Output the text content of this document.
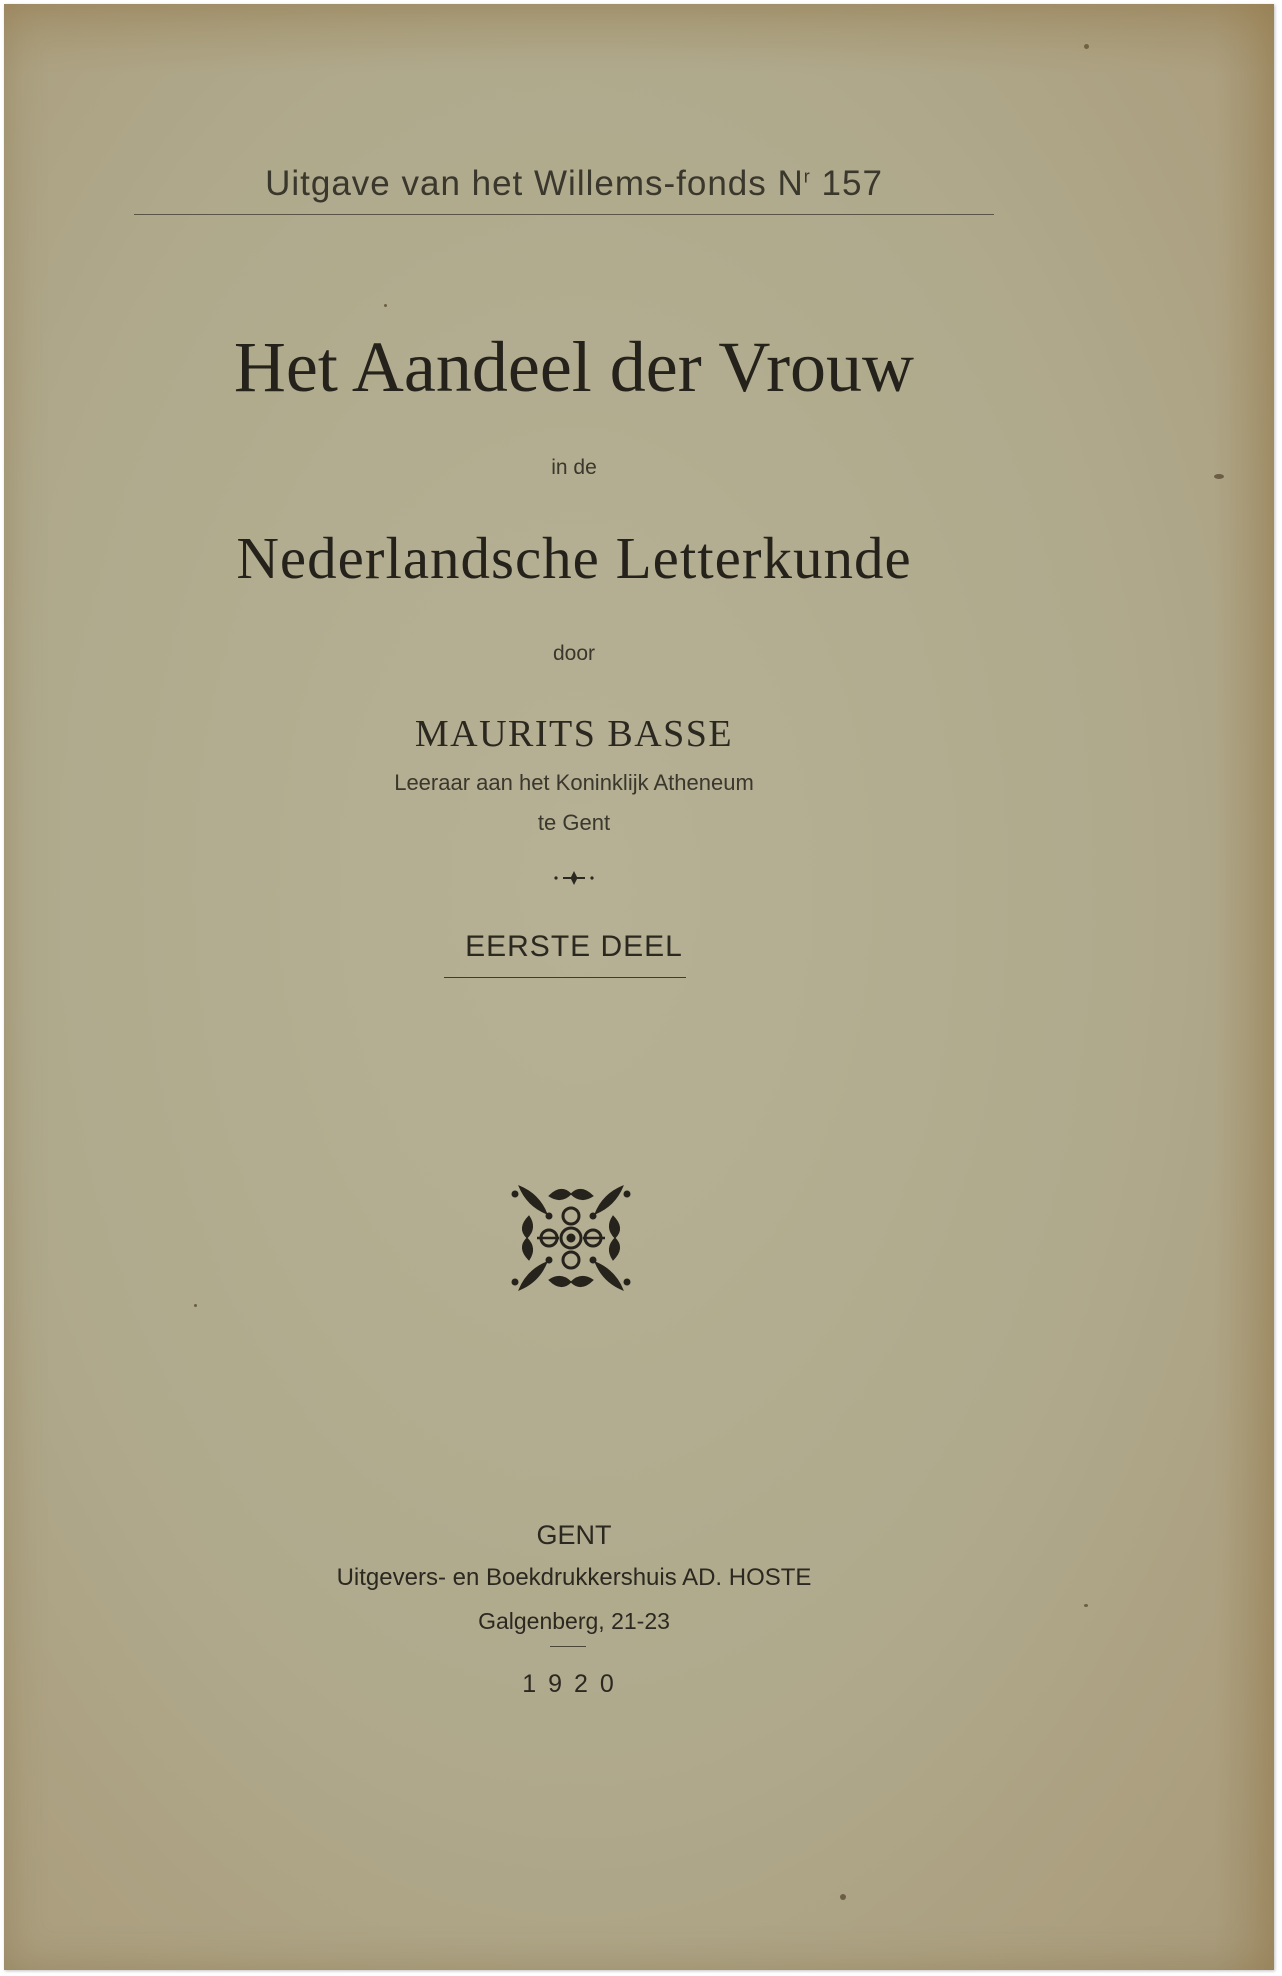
Uitgave van het Willems-fonds $N^r$ 157
Het Aandeel der Vrouw
in de
Nederlandsche Letterkunde
door
MAURITS BASSE
Leeraar aan het Koninklijk Atheneum
te Gent
EERSTE DEEL
GENT
Uitgevers- en Boekdrukkershuis AD. HOSTE
Galgenberg, 21-23
1920
